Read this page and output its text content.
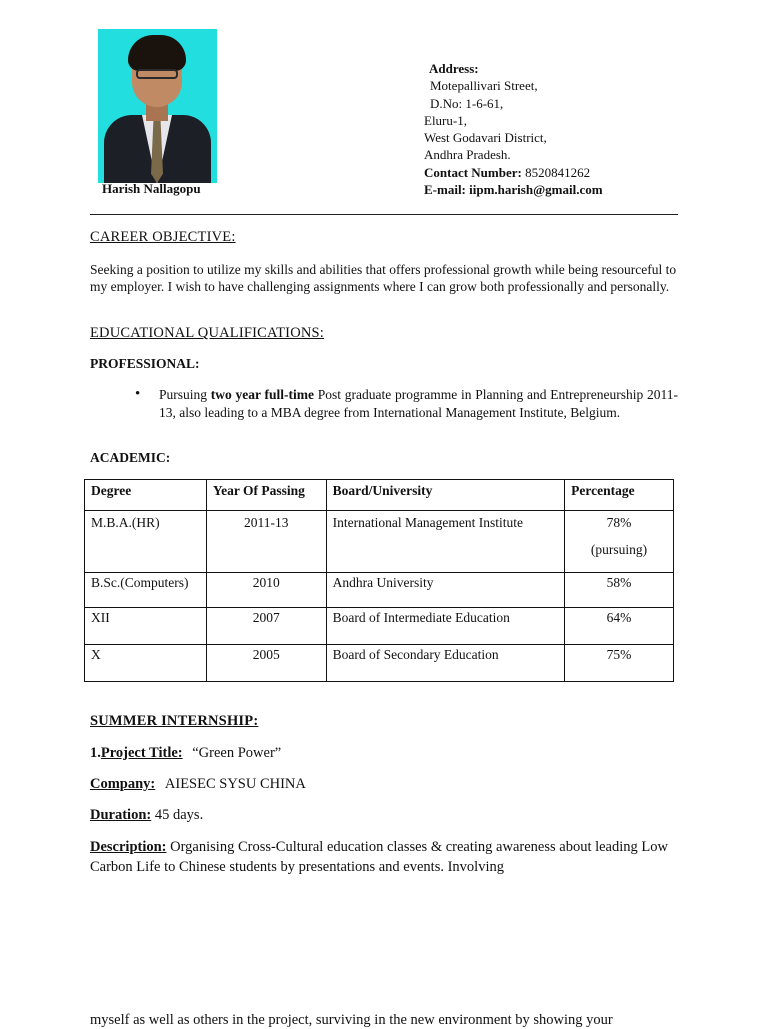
Harish Nallagopu
Address:
Motepallivari Street,
D.No: 1-6-61,
Eluru-1,
West Godavari District,
Andhra Pradesh.
Contact Number: 8520841262
E-mail: iipm.harish@gmail.com
CAREER OBJECTIVE:
Seeking a position to utilize my skills and abilities that offers professional growth while being resourceful to my employer. I wish to have challenging assignments where I can grow both professionally and personally.
EDUCATIONAL QUALIFICATIONS:
PROFESSIONAL:
• Pursuing two year full-time Post graduate programme in Planning and Entrepreneurship 2011-13, also leading to a MBA degree from International Management Institute, Belgium.
ACADEMIC:
Degree	Year Of Passing	Board/University	Percentage
M.B.A.(HR)	2011-13	International Management Institute	78%
(pursuing)

B.Sc.(Computers)	2010	Andhra University	58%
XII	2007	Board of Intermediate Education	64%
X	2005	Board of Secondary Education	75%
SUMMER INTERNSHIP:
1.Project Title: “Green Power”
Company: AIESEC SYSU CHINA
Duration: 45 days.
Description: Organising Cross-Cultural education classes & creating awareness about leading Low Carbon Life to Chinese students by presentations and events. Involving
myself as well as others in the project, surviving in the new environment by showing your
